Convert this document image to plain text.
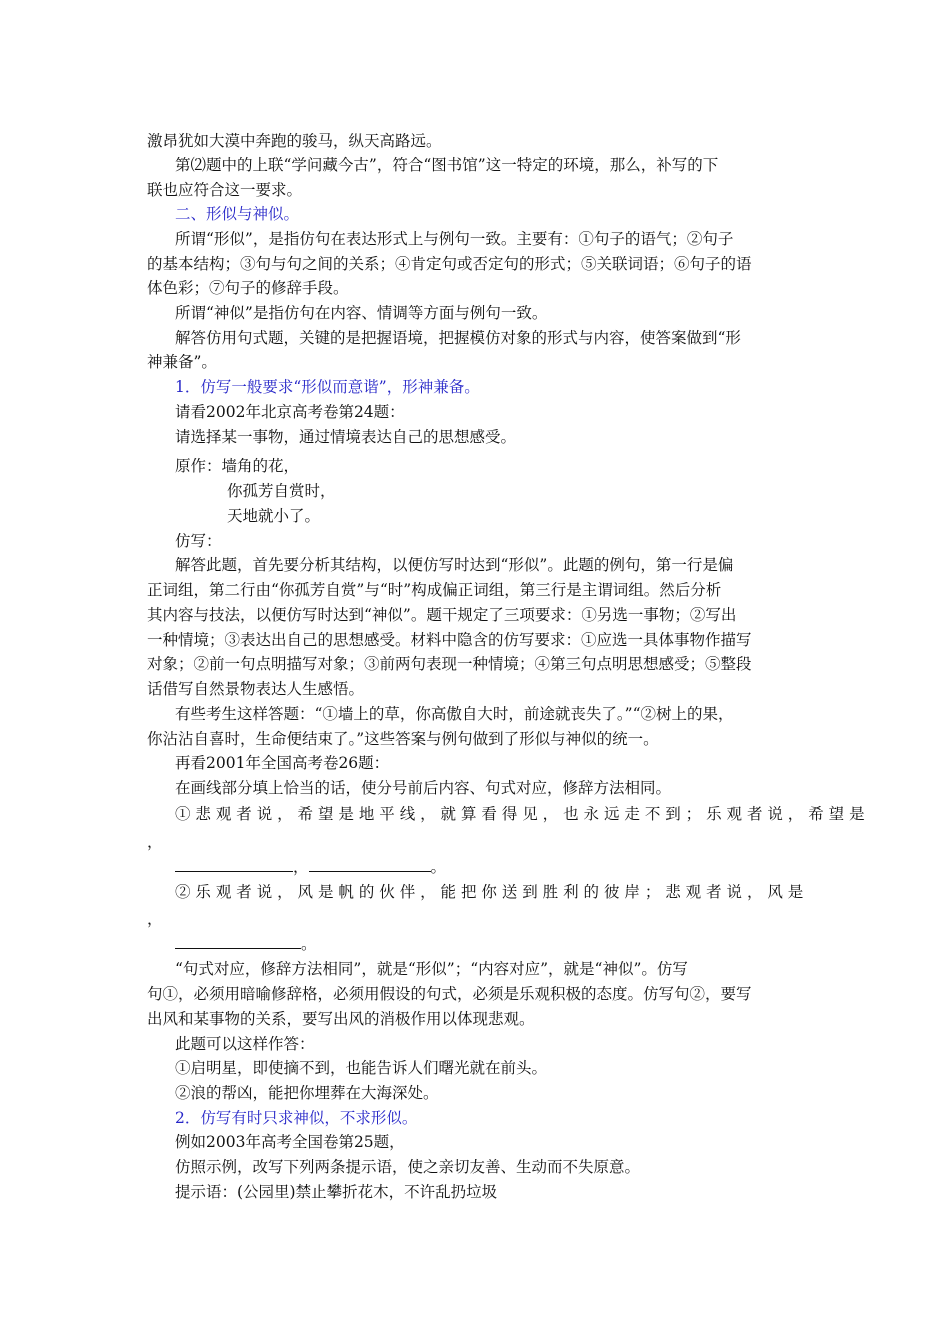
激昂犹如大漠中奔跑的骏马，纵天高路远。
第⑵题中的上联“学问藏今古”，符合“图书馆”这一特定的环境，那么，补写的下
联也应符合这一要求。
二、形似与神似。
所谓“形似”，是指仿句在表达形式上与例句一致。主要有：①句子的语气；②句子
的基本结构；③句与句之间的关系；④肯定句或否定句的形式；⑤关联词语；⑥句子的语
体色彩；⑦句子的修辞手段。
所谓“神似”是指仿句在内容、情调等方面与例句一致。
解答仿用句式题，关键的是把握语境，把握模仿对象的形式与内容，使答案做到“形
神兼备”。
1．仿写一般要求“形似而意谐”，形神兼备。
请看2002年北京高考卷第24题：
请选择某一事物，通过情境表达自己的思想感受。
原作：墙角的花，
你孤芳自赏时，
天地就小了。
仿写：
解答此题，首先要分析其结构，以便仿写时达到“形似”。此题的例句，第一行是偏
正词组，第二行由“你孤芳自赏”与“时”构成偏正词组，第三行是主谓词组。然后分析
其内容与技法，以便仿写时达到“神似”。题干规定了三项要求：①另选一事物；②写出
一种情境；③表达出自己的思想感受。材料中隐含的仿写要求：①应选一具体事物作描写
对象；②前一句点明描写对象；③前两句表现一种情境；④第三句点明思想感受；⑤整段
话借写自然景物表达人生感悟。
有些考生这样答题：“①墙上的草，你高傲自大时，前途就丧失了。”“②树上的果，
你沾沾自喜时，生命便结束了。”这些答案与例句做到了形似与神似的统一。
再看2001年全国高考卷26题：
在画线部分填上恰当的话，使分号前后内容、句式对应，修辞方法相同。
① 悲 观 者 说 ， 希 望 是 地 平 线 ， 就 算 看 得 见 ， 也 永 远 走 不 到 ； 乐 观 者 说 ， 希 望 是
，
，	。
② 乐 观 者 说 ， 风 是 帆 的 伙 伴 ， 能 把 你 送 到 胜 利 的 彼 岸 ； 悲 观 者 说 ， 风 是
，
。
“句式对应，修辞方法相同”，就是“形似”；“内容对应”，就是“神似”。仿写
句①，必须用暗喻修辞格，必须用假设的句式，必须是乐观积极的态度。仿写句②，要写
出风和某事物的关系，要写出风的消极作用以体现悲观。
此题可以这样作答：
①启明星，即使摘不到，也能告诉人们曙光就在前头。
②浪的帮凶，能把你埋葬在大海深处。
2．仿写有时只求神似，不求形似。
例如2003年高考全国卷第25题，
仿照示例，改写下列两条提示语，使之亲切友善、生动而不失原意。
提示语：(公园里)禁止攀折花木，不许乱扔垃圾
